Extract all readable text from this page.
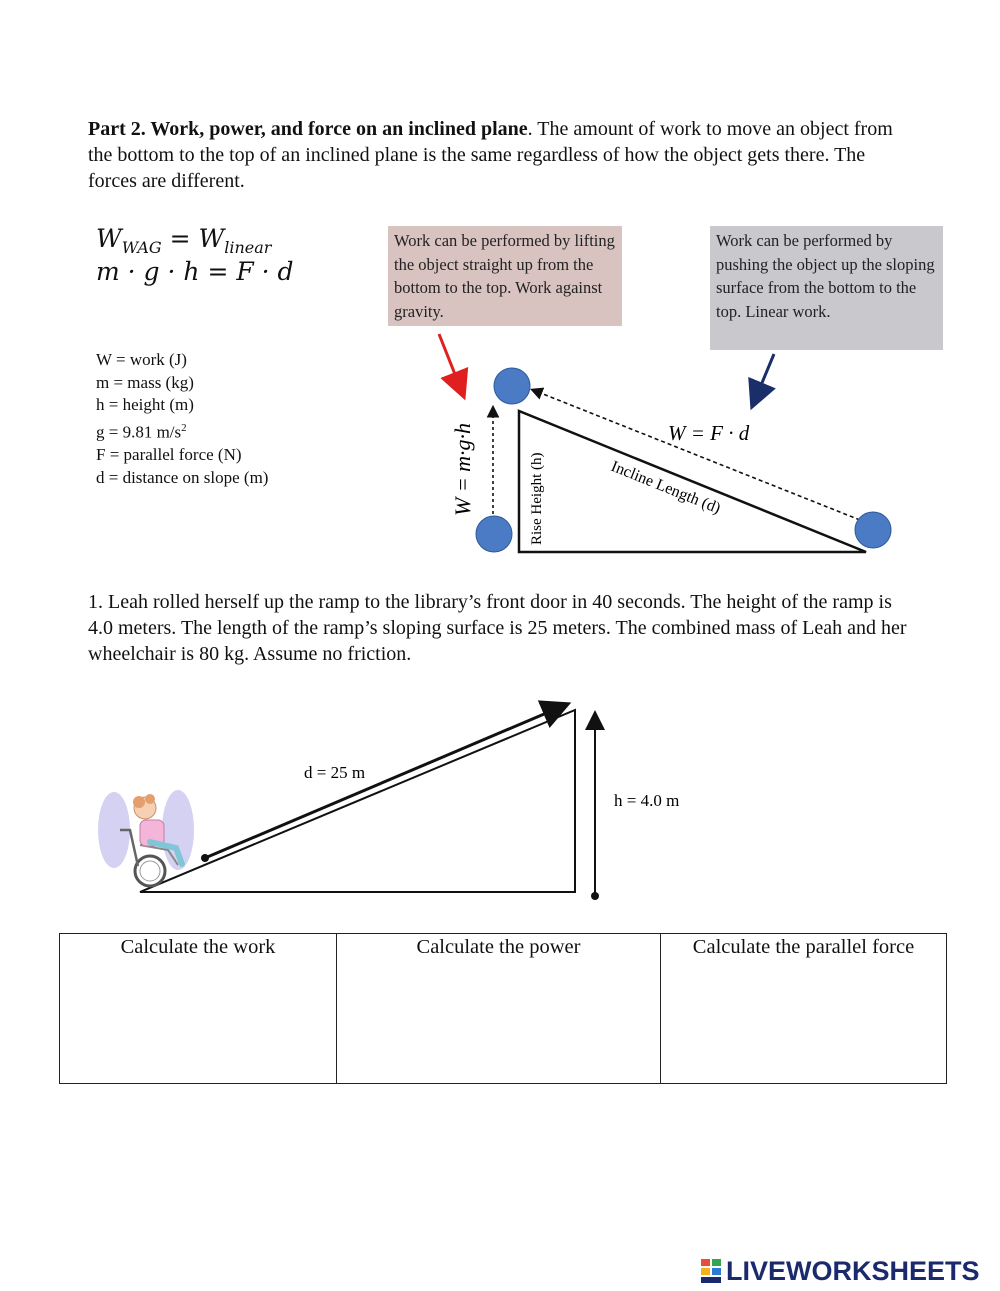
Part 2. Work, power, and force on an inclined plane. The amount of work to move an object from the bottom to the top of an inclined plane is the same regardless of how the object gets there. The forces are different.
$W_{WAG} = W_{linear}$
m · g · h = F · d
W = work (J)
m = mass (kg)
h = height (m)
g = 9.81 $m/s^2$
F = parallel force (N)
d = distance on slope (m)
Work can be performed by lifting the object straight up from the bottom to the top. Work against gravity.
Work can be performed by pushing the object up the sloping surface from the bottom to the top. Linear work.
W = m·g·h	Rise Height (h)	Incline Length (d)
W = F · d
1. Leah rolled herself up the ramp to the library’s front door in 40 seconds. The height of the ramp is 4.0 meters. The length of the ramp’s sloping surface is 25 meters. The combined mass of Leah and her wheelchair is 80 kg. Assume no friction.
d = 25 m
h = 4.0 m
Calculate the work	Calculate the power	Calculate the parallel force
LIVEWORKSHEETS
